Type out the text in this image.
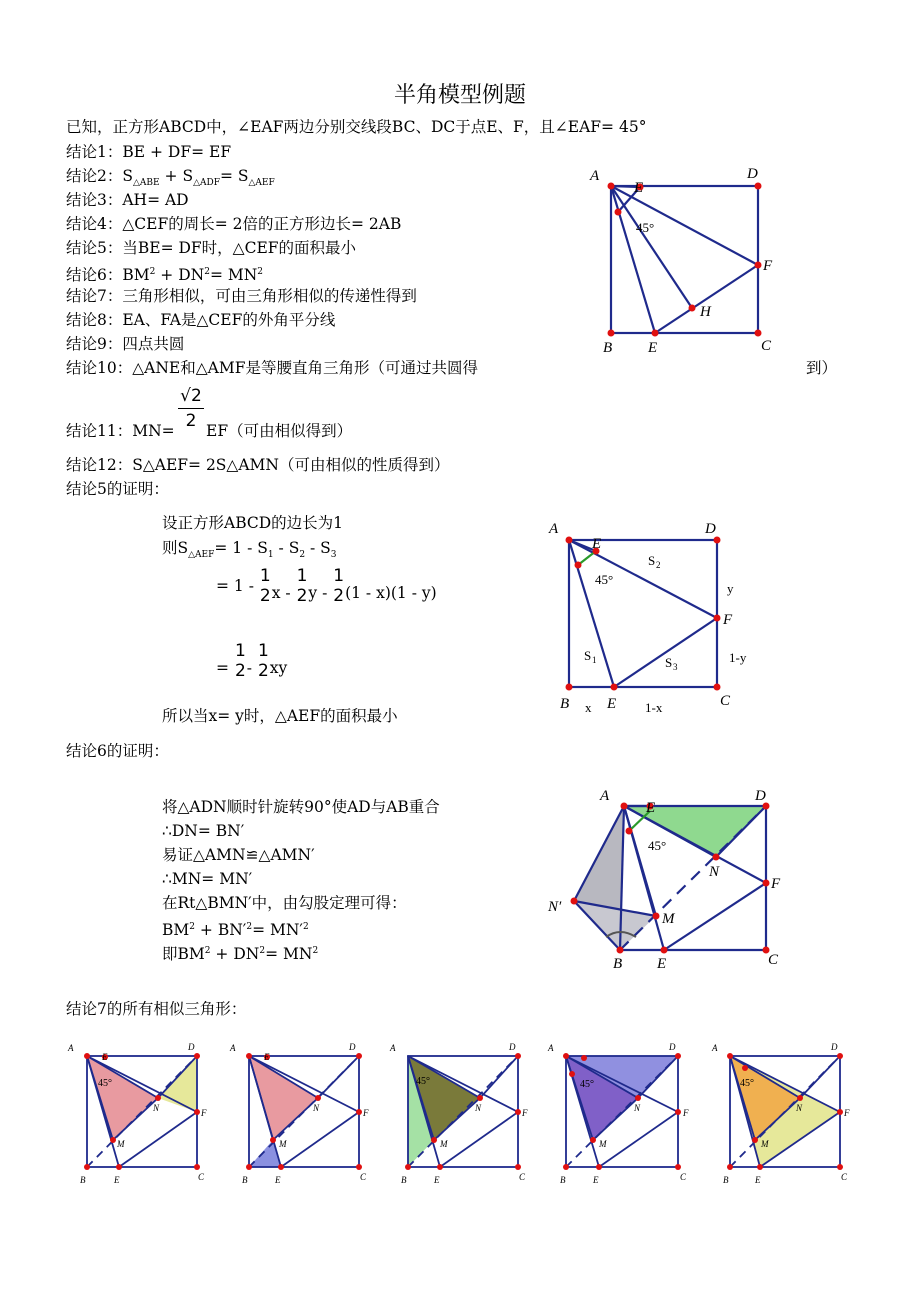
半角模型例题
已知，正方形ABCD中，∠EAF两边分别交线段BC、DC于点E、F，且∠EAF= 45°
结论1：BE + DF= EF
结论2：$S_{\triangle ABE} + S_{\triangle ADF}= S_{\triangle AEF}$
结论3：AH= AD
结论4：△CEF的周长= 2倍的正方形边长= 2AB
结论5：当BE= DF时，△CEF的面积最小
结论6：$BM^2 + DN^2= MN^2$
结论7：三角形相似，可由三角形相似的传递性得到
结论8：EA、FA是△CEF的外角平分线
结论9：四点共圆
结论10：△ANE和△AMF是等腰直角三角形（可通过共圆得	到）
结论11：MN=
√2
2 EF（可由相似得到）
结论12：S△AEF= 2S△AMN（可由相似的性质得到）
结论5的证明：
设正方形ABCD的边长为1
则$S_{\triangle AEF}= 1 - S_1 - S_2 - S_3$
= 1 - 1
2 x -
1
2 y -
1
2 (1 - x)(1 - y)
=
1
2 -
1
2 xy
所以当x= y时，△AEF的面积最小
结论6的证明：
将△ADN顺时针旋转90°使AD与AB重合
∴DN= BN′
易证△AMN≌△AMN′
∴MN= MN′
在Rt△BMN′中，由勾股定理可得：
$BM^2 + BN'^2= MN'^2$
即$BM^2 + DN^2= MN^2$
结论7的所有相似三角形：
A	D
E
45°
F
H
B E	C
A	D
E
45°
S 2
y
F
S 1	S 3
1-y
B x E 1-x	C
A	D
E
45°
N
F
N′
M
B E	C
A	D
E
45°
N	F
M
B	E	C
A	D
E
N	F
M
B	E	C
A	D
45°
N	F
M
B	E	C
A	D
45°
N	F
M
B	E	C
A	D
45°
N	F
M
B	E	C
